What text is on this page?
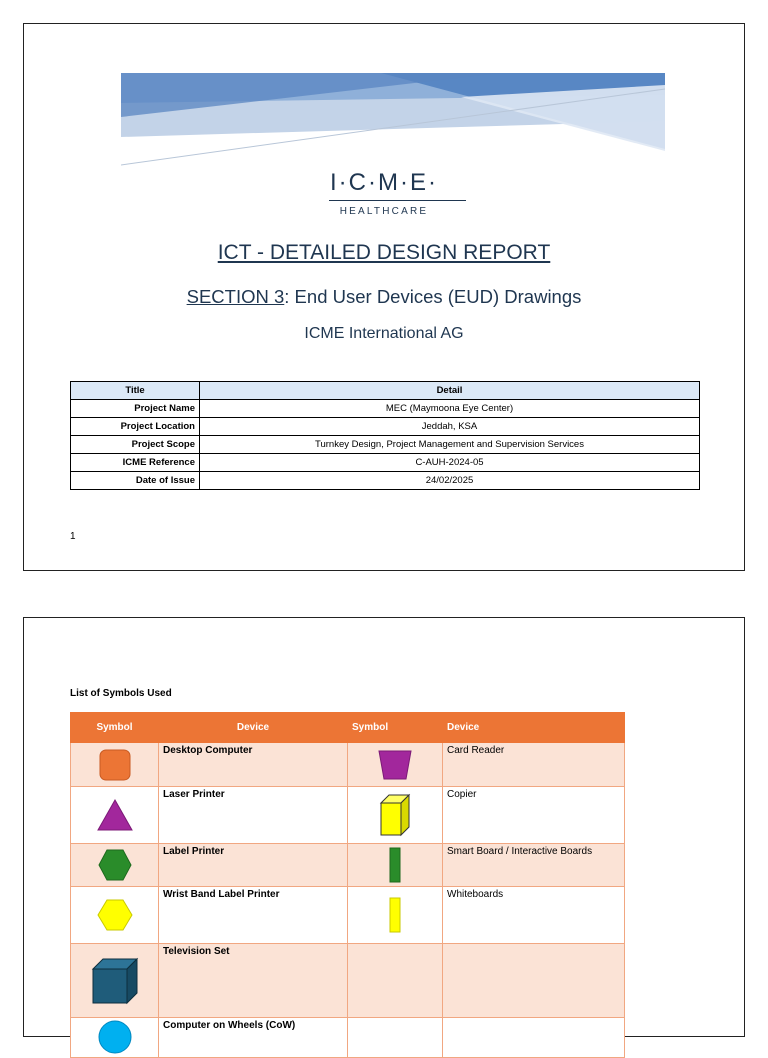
I·C·M·E·
HEALTHCARE
ICT - DETAILED DESIGN REPORT
SECTION 3: End User Devices (EUD) Drawings
ICME International AG
Title	Detail
Project Name	MEC (Maymoona Eye Center)
Project Location	Jeddah, KSA
Project Scope	Turnkey Design, Project Management and Supervision Services
ICME Reference	C-AUH-2024-05
Date of Issue	24/02/2025
1
List of Symbols Used
Symbol	Device	Symbol	Device
	Desktop Computer		Card Reader
	Laser Printer		Copier
	Label Printer		Smart Board / Interactive Boards
	Wrist Band Label Printer		Whiteboards
	Television Set		
	Computer on Wheels (CoW)		
